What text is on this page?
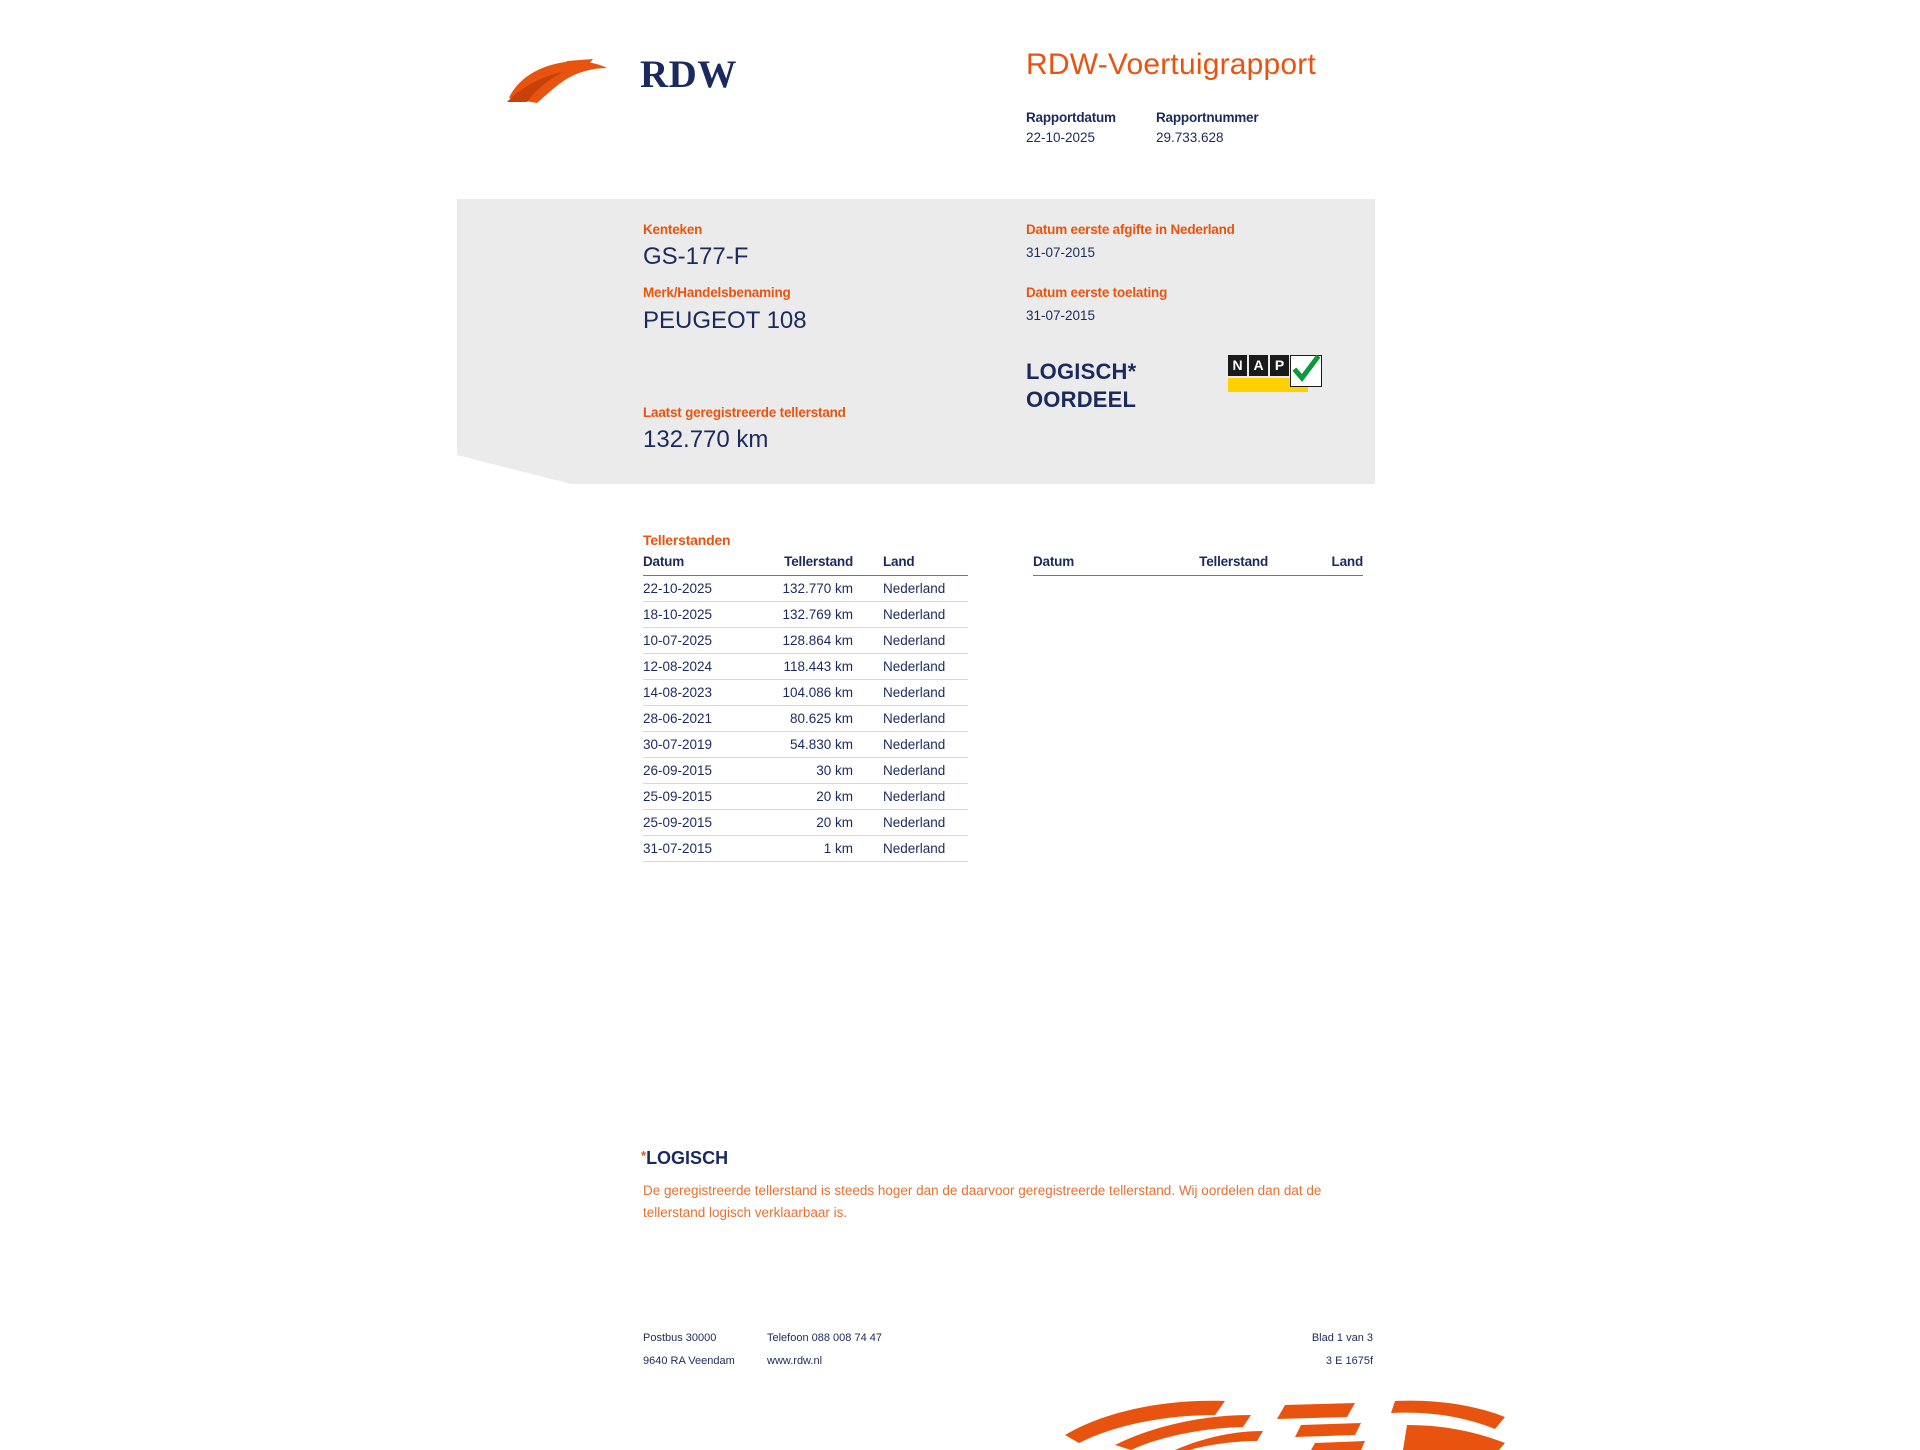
RDW	RDW-Voertuigrapport
Rapportdatum	Rapportnummer
22-10-2025	29.733.628
Kenteken
GS-177-F
Merk/Handelsbenaming
PEUGEOT 108
Laatst geregistreerde tellerstand
132.770 km
Datum eerste afgifte in Nederland
31-07-2015
Datum eerste toelating
31-07-2015
LOGISCH*
OORDEEL
N A P
Tellerstanden
Datum	Tellerstand	Land
22-10-2025	132.770 km	Nederland
18-10-2025	132.769 km	Nederland
10-07-2025	128.864 km	Nederland
12-08-2024	118.443 km	Nederland
14-08-2023	104.086 km	Nederland
28-06-2021	80.625 km	Nederland
30-07-2019	54.830 km	Nederland
26-09-2015	30 km	Nederland
25-09-2015	20 km	Nederland
25-09-2015	20 km	Nederland
31-07-2015	1 km	Nederland
Datum	Tellerstand	Land
*LOGISCH
De geregistreerde tellerstand is steeds hoger dan de daarvoor geregistreerde tellerstand. Wij oordelen dan dat de tellerstand logisch verklaarbaar is.
Postbus 30000	Telefoon 088 008 74 47	Blad 1 van 3
9640 RA Veendam	www.rdw.nl	3 E 1675f
